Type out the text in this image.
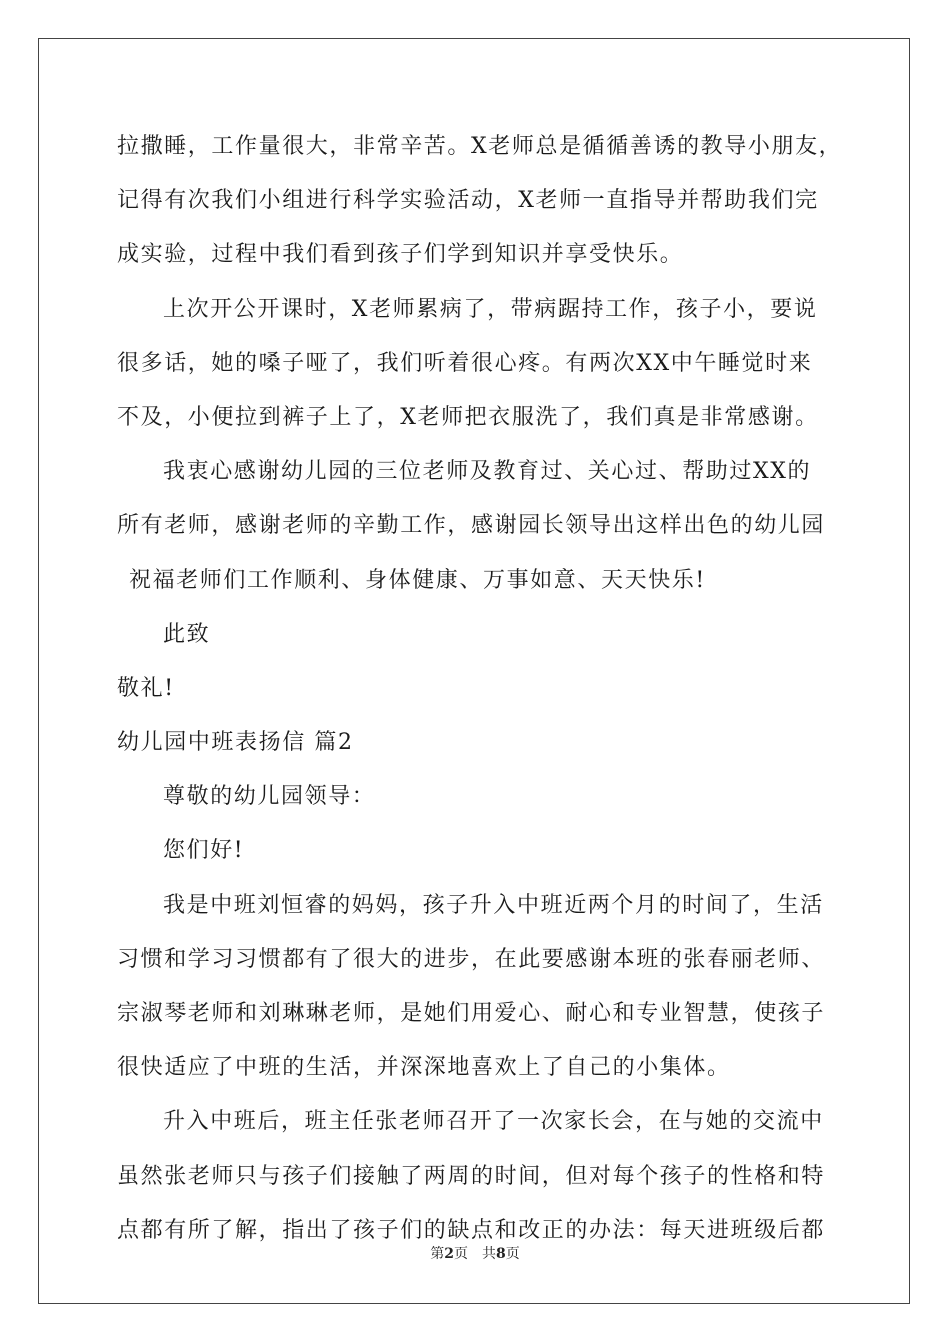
拉撒睡，工作量很大，非常辛苦。X老师总是循循善诱的教导小朋友，
记得有次我们小组进行科学实验活动，X老师一直指导并帮助我们完
成实验，过程中我们看到孩子们学到知识并享受快乐。
上次开公开课时，X老师累病了，带病踞持工作，孩子小，要说
很多话，她的嗓子哑了，我们听着很心疼。有两次XX中午睡觉时来
不及，小便拉到裤子上了，X老师把衣服洗了，我们真是非常感谢。
我衷心感谢幼儿园的三位老师及教育过、关心过、帮助过XX的
所有老师，感谢老师的辛勤工作，感谢园长领导出这样出色的幼儿园
祝福老师们工作顺利、身体健康、万事如意、天天快乐!
此致
敬礼!
幼儿园中班表扬信 篇2
尊敬的幼儿园领导：
您们好!
我是中班刘恒睿的妈妈，孩子升入中班近两个月的时间了，生活
习惯和学习习惯都有了很大的进步，在此要感谢本班的张春丽老师、
宗淑琴老师和刘琳琳老师，是她们用爱心、耐心和专业智慧，使孩子
很快适应了中班的生活，并深深地喜欢上了自己的小集体。
升入中班后，班主任张老师召开了一次家长会，在与她的交流中
虽然张老师只与孩子们接触了两周的时间，但对每个孩子的性格和特
点都有所了解，指出了孩子们的缺点和改正的办法：每天进班级后都
第2页　共8页
